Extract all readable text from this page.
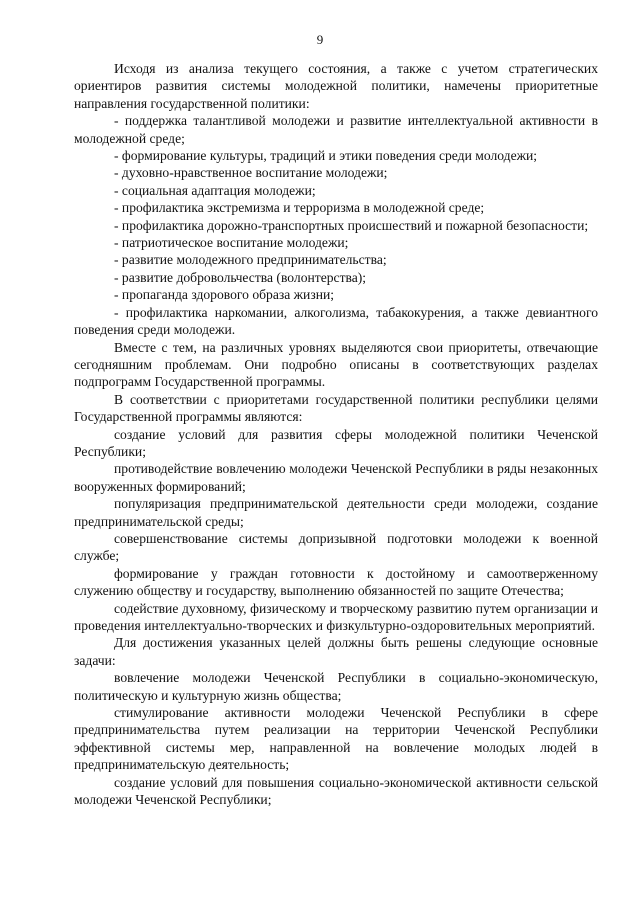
9

Исходя из анализа текущего состояния, а также с учетом стратегических ориентиров развития системы молодежной политики, намечены приоритетные направления государственной политики:

- поддержка талантливой молодежи и развитие интеллектуальной активности в молодежной среде;

- формирование культуры, традиций и этики поведения среди молодежи;

- духовно-нравственное воспитание молодежи;

- социальная адаптация молодежи;

- профилактика экстремизма и терроризма в молодежной среде;

- профилактика дорожно-транспортных происшествий и пожарной безопасности;

- патриотическое воспитание молодежи;

- развитие молодежного предпринимательства;

- развитие добровольчества (волонтерства);

- пропаганда здорового образа жизни;

- профилактика наркомании, алкоголизма, табакокурения, а также девиантного поведения среди молодежи.

Вместе с тем, на различных уровнях выделяются свои приоритеты, отвечающие сегодняшним проблемам. Они подробно описаны в соответствующих разделах подпрограмм Государственной программы.

В соответствии с приоритетами государственной политики республики целями Государственной программы являются:

создание условий для развития сферы молодежной политики Чеченской Республики;

противодействие вовлечению молодежи Чеченской Республики в ряды незаконных вооруженных формирований;

популяризация предпринимательской деятельности среди молодежи, создание предпринимательской среды;

совершенствование системы допризывной подготовки молодежи к военной службе;

формирование у граждан готовности к достойному и самоотверженному служению обществу и государству, выполнению обязанностей по защите Отечества;

содействие духовному, физическому и творческому развитию путем организации и проведения интеллектуально-творческих и физкультурно-оздоровительных мероприятий.

Для достижения указанных целей должны быть решены следующие основные задачи:

вовлечение молодежи Чеченской Республики в социально-экономическую, политическую и культурную жизнь общества;

стимулирование активности молодежи Чеченской Республики в сфере предпринимательства путем реализации на территории Чеченской Республики эффективной системы мер, направленной на вовлечение молодых людей в предпринимательскую деятельность;

создание условий для повышения социально-экономической активности сельской молодежи Чеченской Республики;
